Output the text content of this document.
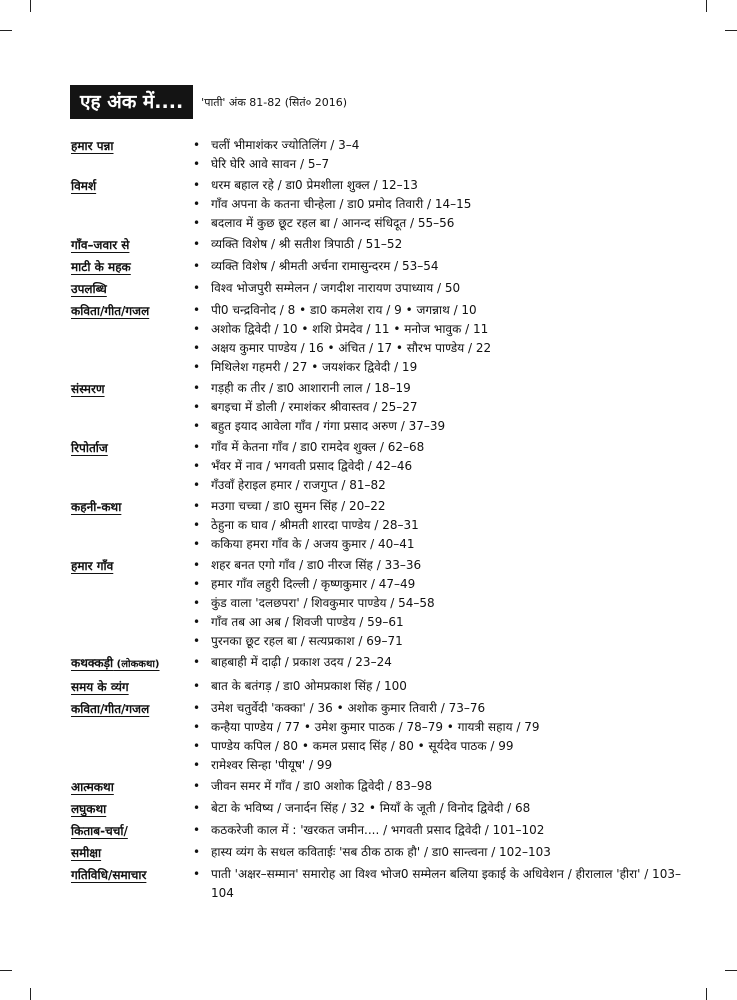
एह अंक में....	'पाती' अंक 81-82 (सितं० 2016)
हमार पन्ना	• चलीं भीमाशंकर ज्योतिलिंग / 3–4
• घेरि घेरि आवे सावन / 5–7
विमर्श	• धरम बहाल रहे / डा0 प्रेमशीला शुक्ल / 12–13
• गाँव अपना के कतना चीन्हेला / डा0 प्रमोद तिवारी / 14–15
• बदलाव में कुछ छूट रहल बा / आनन्द संधिदूत / 55–56
गाँव–जवार से	• व्यक्ति विशेष / श्री सतीश त्रिपाठी / 51–52
माटी के महक	• व्यक्ति विशेष / श्रीमती अर्चना रामासुन्दरम / 53–54
उपलब्धि	• विश्व भोजपुरी सम्मेलन / जगदीश नारायण उपाध्याय / 50
कविता/गीत/गजल	• पी0 चन्द्रविनोद / 8 • डा0 कमलेश राय / 9 • जगन्नाथ / 10
• अशोक द्विवेदी / 10 • शशि प्रेमदेव / 11 • मनोज भावुक / 11
• अक्षय कुमार पाण्डेय / 16 • अंचित / 17 • सौरभ पाण्डेय / 22
• मिथिलेश गहमरी / 27 • जयशंकर द्विवेदी / 19
संस्मरण	• गड़ही क तीर / डा0 आशारानी लाल / 18–19
• बगइचा में डोली / रमाशंकर श्रीवास्तव / 25–27
• बहुत इयाद आवेला गाँव / गंगा प्रसाद अरुण / 37–39
रिपोर्ताज	• गाँव में केतना गाँव / डा0 रामदेव शुक्ल / 62–68
• भँवर में नाव / भगवती प्रसाद द्विवेदी / 42–46
• गँउवाँ हेराइल हमार / राजगुप्त / 81–82
कहनी-कथा	• मउगा चच्चा / डा0 सुमन सिंह / 20–22
• ठेहुना क घाव / श्रीमती शारदा पाण्डेय / 28–31
• ककिया हमरा गाँव के / अजय कुमार / 40–41
हमार गाँव	• शहर बनत एगो गाँव / डा0 नीरज सिंह / 33–36
• हमार गाँव लहुरी दिल्ली / कृष्णकुमार / 47–49
• कुंड वाला 'दलछपरा' / शिवकुमार पाण्डेय / 54–58
• गाँव तब आ अब / शिवजी पाण्डेय / 59–61
• पुरनका छूट रहल बा / सत्यप्रकाश / 69–71
कथक्कड़ी (लोककथा)	• बाहबाही में दाढ़ी / प्रकाश उदय / 23–24
समय के व्यंग	• बात के बतंगड़ / डा0 ओमप्रकाश सिंह / 100
कविता/गीत/गजल	• उमेश चतुर्वेदी 'कक्का' / 36 • अशोक कुमार तिवारी / 73–76
• कन्हैया पाण्डेय / 77 • उमेश कुमार पाठक / 78–79 • गायत्री सहाय / 79
• पाण्डेय कपिल / 80 • कमल प्रसाद सिंह / 80 • सूर्यदेव पाठक / 99
• रामेश्वर सिन्हा 'पीयूष' / 99
आत्मकथा	• जीवन समर में गाँव / डा0 अशोक द्विवेदी / 83–98
लघुकथा	• बेटा के भविष्य / जनार्दन सिंह / 32 • मियाँ के जूती / विनोद द्विवेदी / 68
किताब-चर्चा/	• कठकरेजी काल में : 'खरकत जमीन.... / भगवती प्रसाद द्विवेदी / 101–102
समीक्षा	• हास्य व्यंग के सधल कविताईः 'सब ठीक ठाक हौ' / डा0 सान्त्वना / 102–103
गतिविधि/समाचार	• पाती 'अक्षर–सम्मान' समारोह आ विश्व भोज0 सम्मेलन बलिया इकाई के अधिवेशन / हीरालाल 'हीरा' / 103–104
